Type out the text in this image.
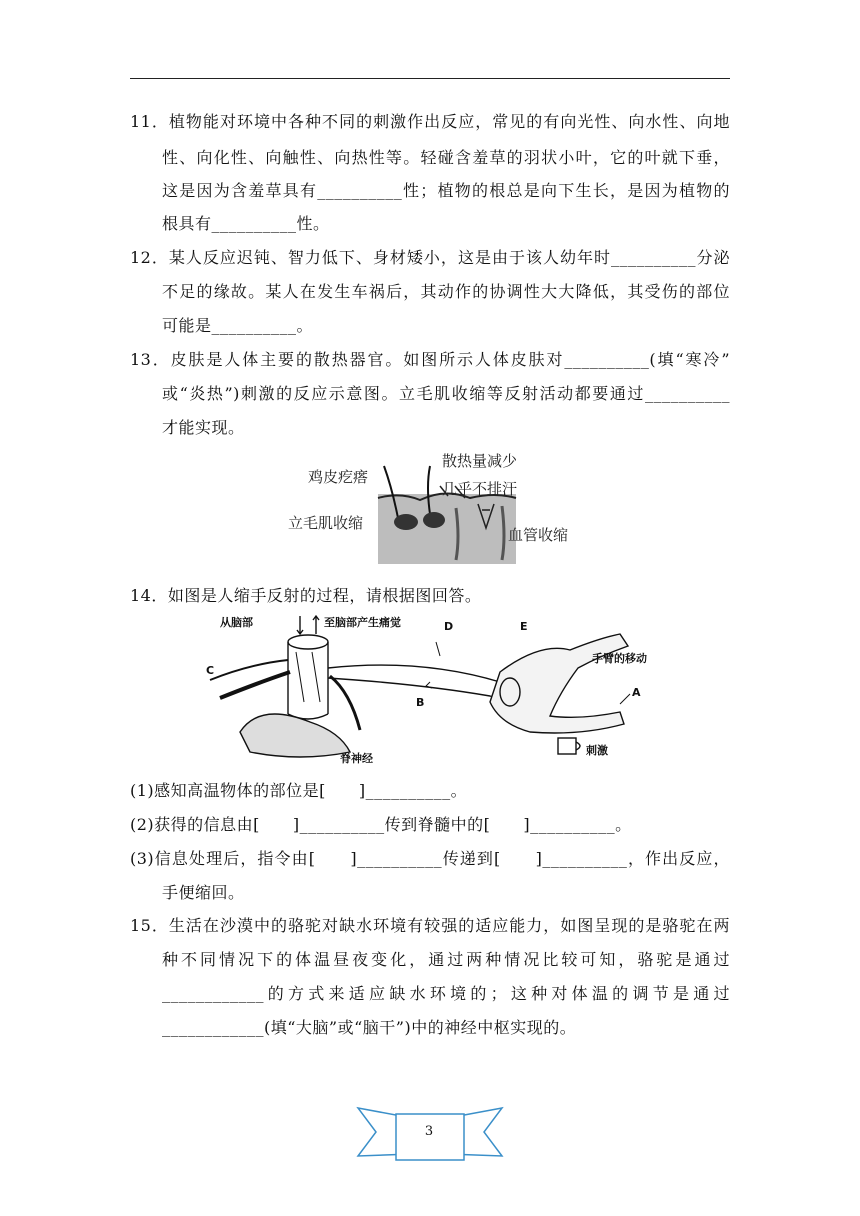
11．植物能对环境中各种不同的刺激作出反应，常见的有向光性、向水性、向地
性、向化性、向触性、向热性等。轻碰含羞草的羽状小叶，它的叶就下垂，
这是因为含羞草具有__________性；植物的根总是向下生长，是因为植物的
根具有__________性。
12．某人反应迟钝、智力低下、身材矮小，这是由于该人幼年时__________分泌
不足的缘故。某人在发生车祸后，其动作的协调性大大降低，其受伤的部位
可能是__________。
13．皮肤是人体主要的散热器官。如图所示人体皮肤对__________(填“寒冷”
或“炎热”)刺激的反应示意图。立毛肌收缩等反射活动都要通过__________
才能实现。
鸡皮疙瘩
散热量减少
几乎不排汗
立毛肌收缩
血管收缩
14．如图是人缩手反射的过程，请根据图回答。
从脑部	至脑部产生痛觉
C
D	E
手臂的移动
B
A
脊神经
刺激
(1)感知高温物体的部位是[　　]__________。
(2)获得的信息由[　　]__________传到脊髓中的[　　]__________。
(3)信息处理后，指令由[　　]__________传递到[　　]__________，作出反应，
手便缩回。
15．生活在沙漠中的骆驼对缺水环境有较强的适应能力，如图呈现的是骆驼在两
种不同情况下的体温昼夜变化，通过两种情况比较可知，骆驼是通过
____________的方式来适应缺水环境的；这种对体温的调节是通过
____________(填“大脑”或“脑干”)中的神经中枢实现的。
3
